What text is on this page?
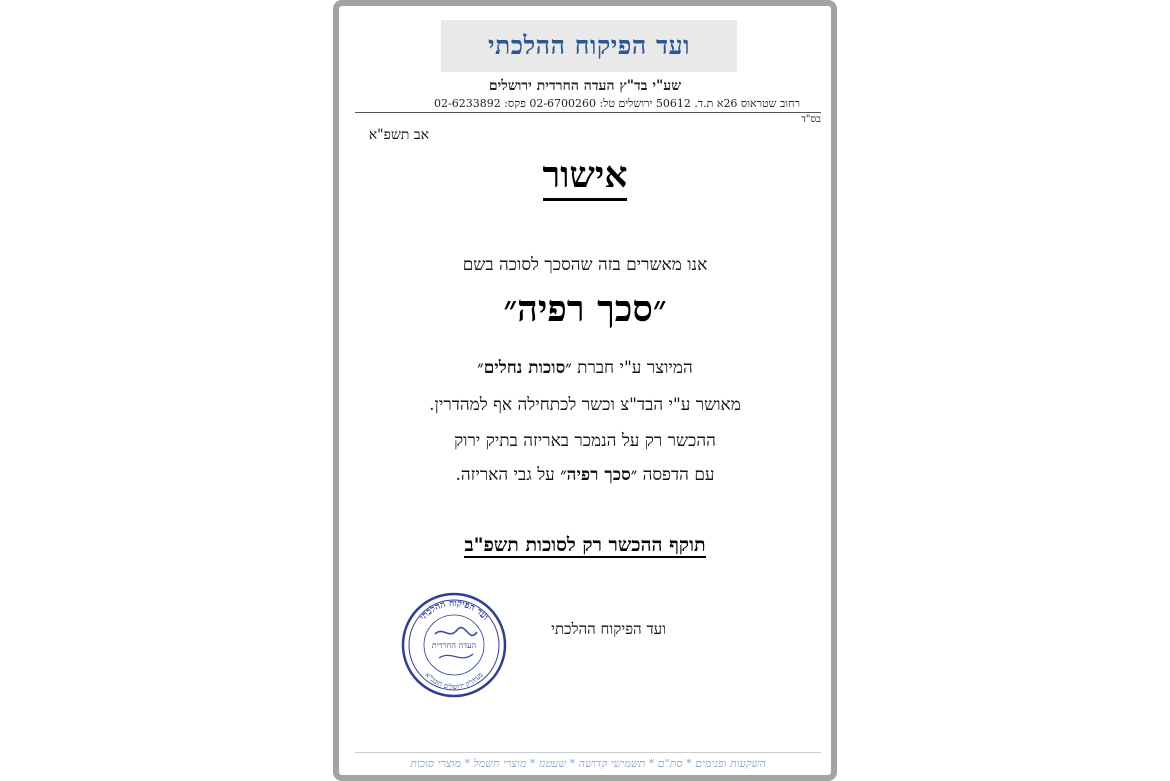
ועד הפיקוח ההלכתי
שע"י בד"ץ העדה החרדית ירושלים
רחוב שטראוס 26א ת.ד. 50612 ירושלים טל: 02-6700260 פקס: 02-6233892
בס"ד
אב תשפ"א
אישור
אנו מאשרים בזה שהסכך לסוכה בשם
״סכך רפיה״
המיוצר ע"י חברת ״סוכות נחלים״
מאושר ע"י הבד"צ וכשר לכתחילה אף למהדרין.
ההכשר רק על הנמכר באריזה בתיק ירוק
עם הדפסה ״סכך רפיה״ על גבי האריזה.
תוקף ההכשר רק לסוכות תשפ"ב
ועד הפיקוח ההלכתי
פעיה"ק ירושלים תובב"א
העדה החרדית
ועד הפיקוח ההלכתי
השקעות ופנימים * סת"ם * תשמישי קדושה * שעטנז * מוצרי חשמל * מוצרי סוכות
